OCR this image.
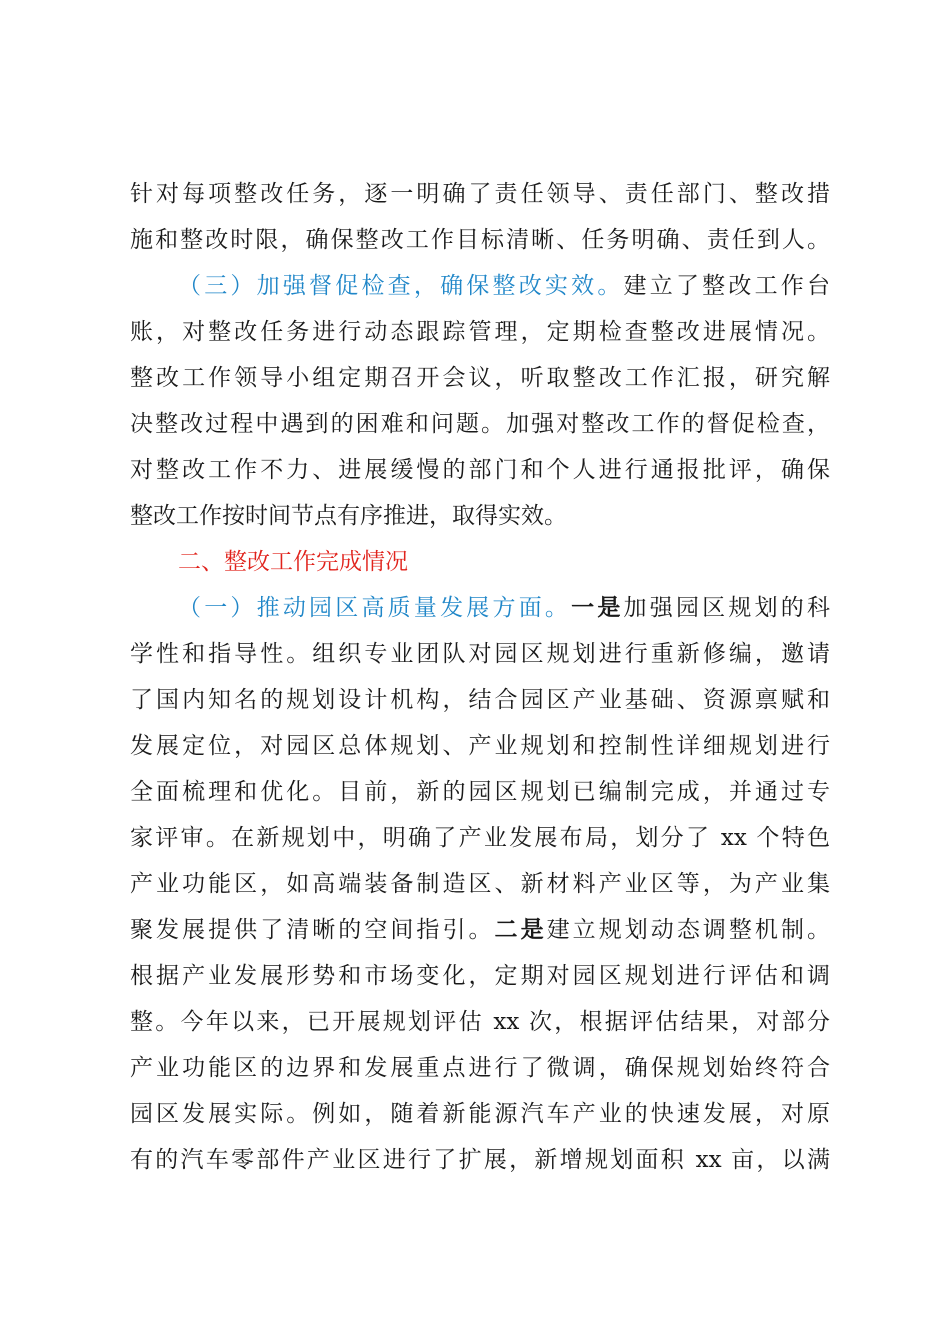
针对每项整改任务，逐一明确了责任领导、责任部门、整改措
施和整改时限，确保整改工作目标清晰、任务明确、责任到人。
（三）加强督促检查，确保整改实效。建立了整改工作台
账，对整改任务进行动态跟踪管理，定期检查整改进展情况。
整改工作领导小组定期召开会议，听取整改工作汇报，研究解
决整改过程中遇到的困难和问题。加强对整改工作的督促检查，
对整改工作不力、进展缓慢的部门和个人进行通报批评，确保
整改工作按时间节点有序推进，取得实效。
二、整改工作完成情况
（一）推动园区高质量发展方面。一是加强园区规划的科
学性和指导性。组织专业团队对园区规划进行重新修编，邀请
了国内知名的规划设计机构，结合园区产业基础、资源禀赋和
发展定位，对园区总体规划、产业规划和控制性详细规划进行
全面梳理和优化。目前，新的园区规划已编制完成，并通过专
家评审。在新规划中，明确了产业发展布局，划分了 xx 个特色
产业功能区，如高端装备制造区、新材料产业区等，为产业集
聚发展提供了清晰的空间指引。二是建立规划动态调整机制。
根据产业发展形势和市场变化，定期对园区规划进行评估和调
整。今年以来，已开展规划评估 xx 次，根据评估结果，对部分
产业功能区的边界和发展重点进行了微调，确保规划始终符合
园区发展实际。例如，随着新能源汽车产业的快速发展，对原
有的汽车零部件产业区进行了扩展，新增规划面积 xx 亩，以满
